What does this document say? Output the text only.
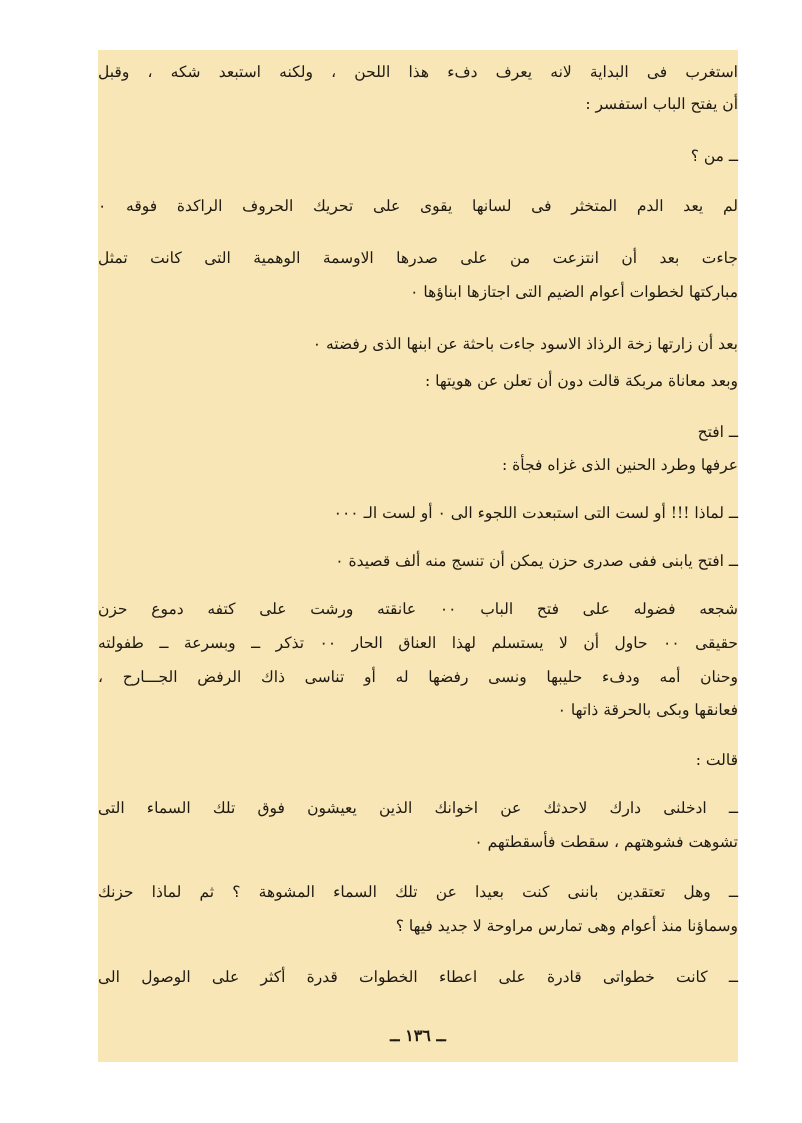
استغرب فى البداية لانه يعرف دفء هذا اللحن ، ولكنه استبعد شكه ، وقبل
أن يفتح الباب استفسر :
ــ من ؟
لم يعد الدم المتخثر فى لسانها يقوى على تحريك الحروف الراكدة فوقه ٠
جاءت بعد أن انتزعت من على صدرها الاوسمة الوهمية التى كانت تمثل
مباركتها لخطوات أعوام الضيم التى اجتازها ابناؤها ٠
بعد أن زارتها زخة الرذاذ الاسود جاءت باحثة عن ابنها الذى رفضته ٠
وبعد معاناة مربكة قالت دون أن تعلن عن هويتها :
ــ افتح
عرفها وطرد الحنين الذى غزاه فجأة :
ــ لماذا !!! أو لست التى استبعدت اللجوء الى ٠ أو لست الـ ٠٠٠
ــ افتح يابنى ففى صدرى حزن يمكن أن تنسج منه ألف قصيدة ٠
شجعه فضوله على فتح الباب ٠٠ عانقته ورشت على كتفه دموع حزن
حقيقى ٠٠ حاول أن لا يستسلم لهذا العناق الحار ٠٠ تذكر ــ وبسرعة ــ طفولته
وحنان أمه ودفء حليبها ونسى رفضها له أو تناسى ذاك الرفض الجـــارح ،
فعانقها وبكى بالحرقة ذاتها ٠
قالت :
ــ ادخلنى دارك لاحدثك عن اخوانك الذين يعيشون فوق تلك السماء التى
تشوهت فشوهتهم ، سقطت فأسقطتهم ٠
ــ وهل تعتقدين باننى كنت بعيدا عن تلك السماء المشوهة ؟ ثم لماذا حزنك
وسماؤنا منذ أعوام وهى تمارس مراوحة لا جديد فيها ؟
ــ كانت خطواتى قادرة على اعطاء الخطوات قدرة أكثر على الوصول الى
ــ ١٣٦ ــ
